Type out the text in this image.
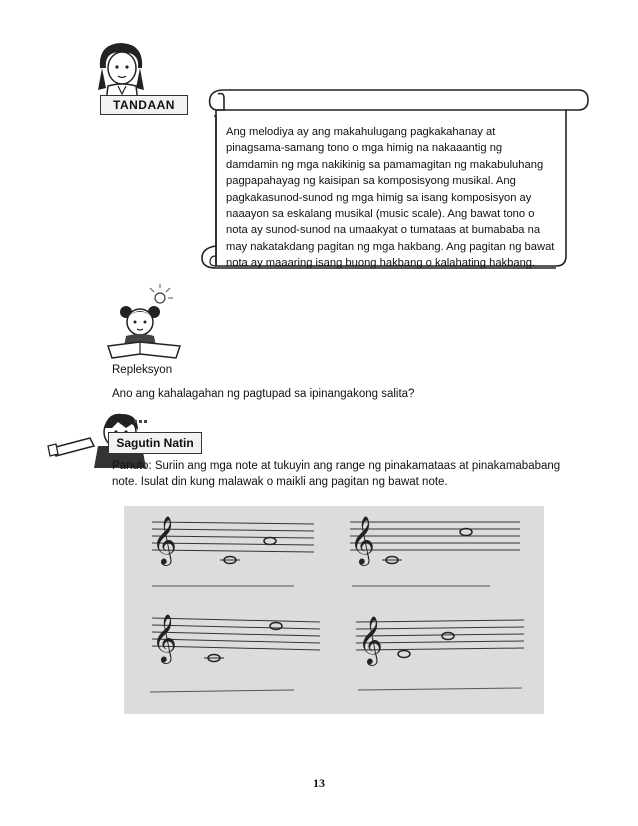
TANDAAN
Ang melodiya ay ang makahulugang pagkakahanay at
pinagsama-samang tono o mga himig na nakaaantig ng
damdamin ng mga nakikinig sa pamamagitan ng makabuluhang
pagpapahayag ng kaisipan sa komposisyong musikal. Ang
pagkakasunod-sunod ng mga himig sa isang komposisyon ay
naaayon sa eskalang musikal (music scale). Ang bawat tono o
nota ay sunod-sunod na umaakyat o tumataas at bumababa na
may nakatakdang pagitan ng mga hakbang. Ang pagitan ng bawat
nota ay maaaring isang buong hakbang o kalahating hakbang.
Repleksyon
Ano ang kahalagahan ng pagtupad sa ipinangakong salita?
Sagutin Natin
Panuto: Suriin ang mga note at tukuyin ang range ng pinakamataas at pinakamababang
note. Isulat din kung malawak o maikli ang pagitan ng bawat note.
𝄞	𝄞
𝄞	𝄞
13
